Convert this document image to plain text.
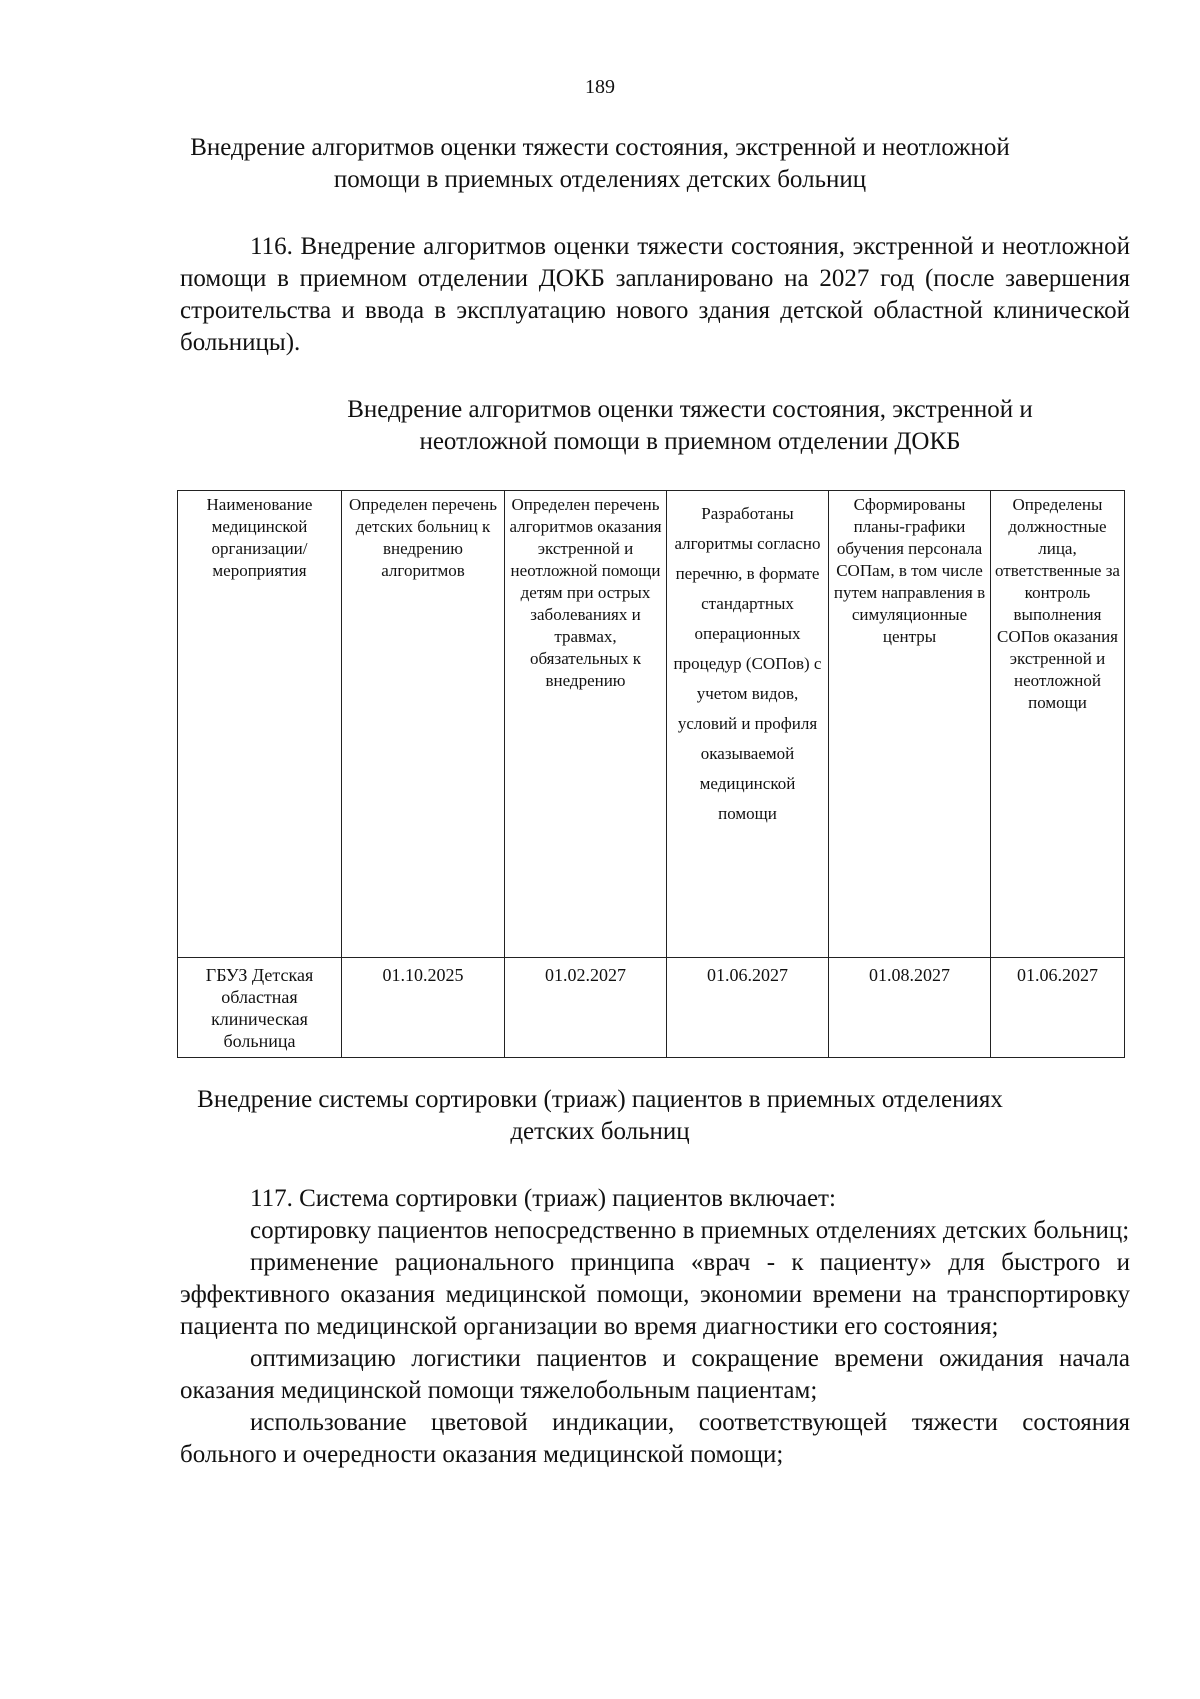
189
Внедрение алгоритмов оценки тяжести состояния, экстренной и неотложной
помощи в приемных отделениях детских больниц

116. Внедрение алгоритмов оценки тяжести состояния, экстренной и неотложной помощи в приемном отделении ДОКБ запланировано на 2027 год (после завершения строительства и ввода в эксплуатацию нового здания детской областной клинической больницы).

Внедрение алгоритмов оценки тяжести состояния, экстренной и
неотложной помощи в приемном отделении ДОКБ
Наименование медицинской организации/мероприятия	Определен перечень детских больниц к внедрению алгоритмов	Определен перечень алгоритмов оказания экстренной и неотложной помощи детям при острых заболеваниях и травмах, обязательных к внедрению	Разработаны алгоритмы согласно перечню, в формате стандартных операционных процедур (СОПов) с учетом видов, условий и профиля оказываемой медицинской помощи	Сформированы планы-графики обучения персонала СОПам, в том числе путем направления в симуляционные центры	Определены должностные лица, ответственные за контроль выполнения СОПов оказания экстренной и неотложной помощи
ГБУЗ Детская областная клиническая больница	01.10.2025	01.02.2027	01.06.2027	01.08.2027	01.06.2027
Внедрение системы сортировки (триаж) пациентов в приемных отделениях
детских больниц

117. Система сортировки (триаж) пациентов включает:

сортировку пациентов непосредственно в приемных отделениях детских больниц;

применение рационального принципа «врач - к пациенту» для быстрого и эффективного оказания медицинской помощи, экономии времени на транспортировку пациента по медицинской организации во время диагностики его состояния;

оптимизацию логистики пациентов и сокращение времени ожидания начала оказания медицинской помощи тяжелобольным пациентам;

использование цветовой индикации, соответствующей тяжести состояния больного и очередности оказания медицинской помощи;
